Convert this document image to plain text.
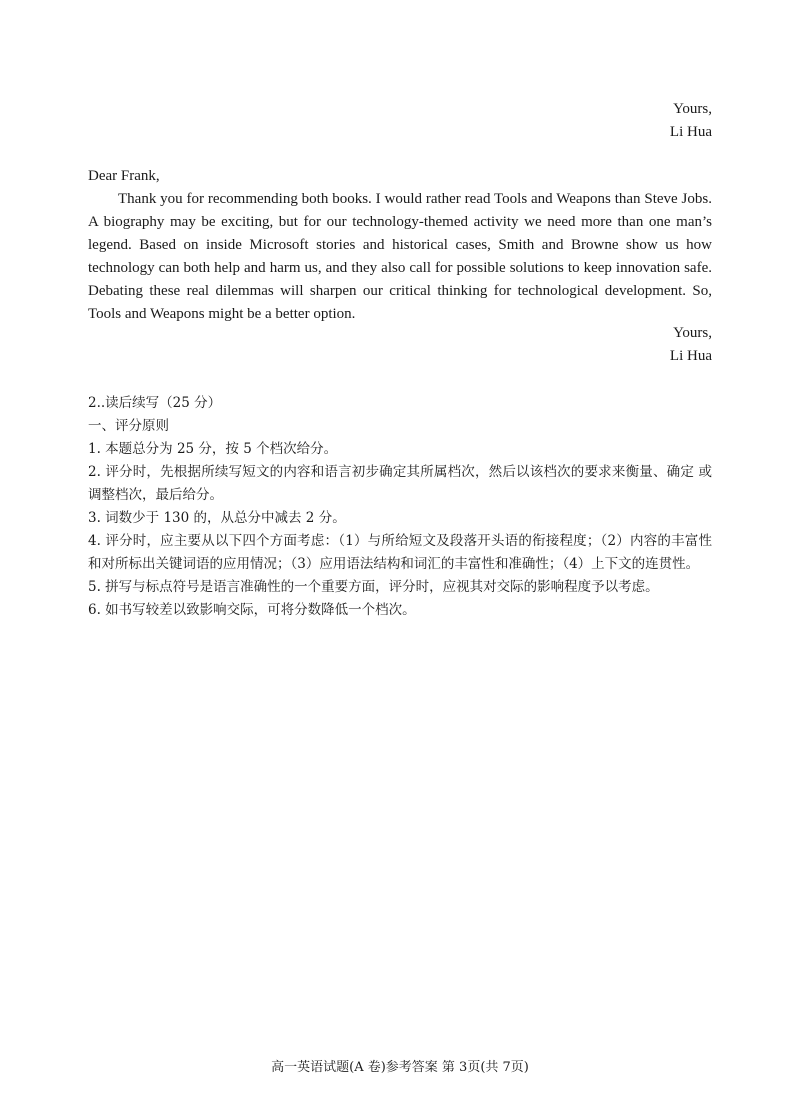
Yours,
Li Hua

Dear Frank,

Thank you for recommending both books. I would rather read Tools and Weapons than Steve Jobs. A biography may be exciting, but for our technology-themed activity we need more than one man’s legend. Based on inside Microsoft stories and historical cases, Smith and Browne show us how technology can both help and harm us, and they also call for possible solutions to keep innovation safe. Debating these real dilemmas will sharpen our critical thinking for technological development. So, Tools and Weapons might be a better option.

Yours,
Li Hua

2..读后续写（25 分）

一、评分原则

1. 本题总分为 25 分，按 5 个档次给分。

2. 评分时，先根据所续写短文的内容和语言初步确定其所属档次，然后以该档次的要求来衡量、确定 或调整档次，最后给分。

3. 词数少于 130 的，从总分中减去 2 分。

4. 评分时，应主要从以下四个方面考虑：（1）与所给短文及段落开头语的衔接程度；（2）内容的丰富性和对所标出关键词语的应用情况；（3）应用语法结构和词汇的丰富性和准确性；（4）上下文的连贯性。

5. 拼写与标点符号是语言准确性的一个重要方面，评分时，应视其对交际的影响程度予以考虑。

6. 如书写较差以致影响交际，可将分数降低一个档次。

高一英语试题(A 卷)参考答案 第 3页(共 7页)
